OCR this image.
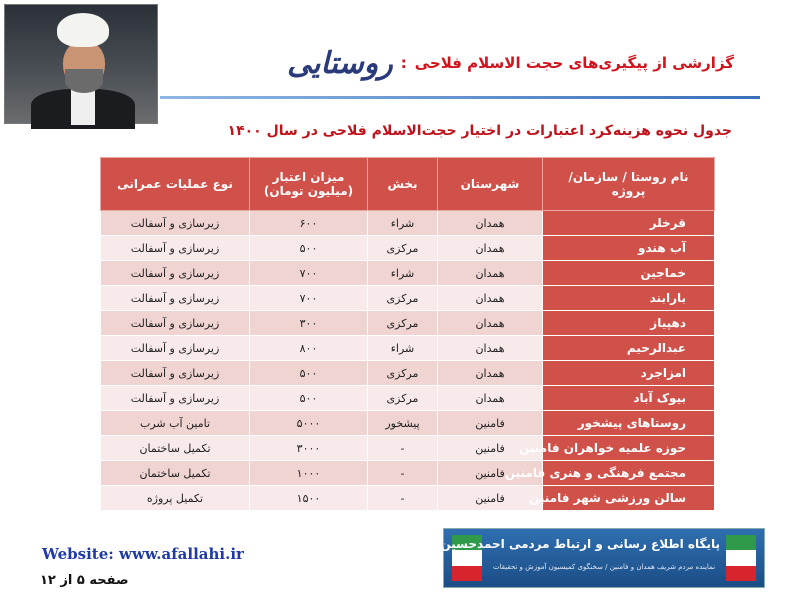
گزارشی از پیگیری‌های حجت الاسلام فلاحی:روستایی
جدول نحوه هزینه‌کرد اعتبارات در اختیار حجت‌الاسلام فلاحی در سال ۱۴۰۰
نام روستا / سازمان/ پروژه	شهرستان	بخش	میزان اعتبار
(میلیون تومان)	نوع عملیات عمرانی
قرخلر	همدان	شراء	۶۰۰	زیرسازی و آسفالت
آب هندو	همدان	مرکزی	۵۰۰	زیرسازی و آسفالت
خماجین	همدان	شراء	۷۰۰	زیرسازی و آسفالت
بارابند	همدان	مرکزی	۷۰۰	زیرسازی و آسفالت
دهپیاز	همدان	مرکزی	۳۰۰	زیرسازی و آسفالت
عبدالرحیم	همدان	شراء	۸۰۰	زیرسازی و آسفالت
امزاجرد	همدان	مرکزی	۵۰۰	زیرسازی و آسفالت
بیوک آباد	همدان	مرکزی	۵۰۰	زیرسازی و آسفالت
روستاهای پیشخور	فامنین	پیشخور	۵۰۰۰	تامین آب شرب
حوزه علمیه خواهران فامنین	فامنین	-	۳۰۰۰	تکمیل ساختمان
مجتمع فرهنگی و هنری فامنین	فامنین	-	۱۰۰۰	تکمیل ساختمان
سالن ورزشی شهر فامنین	فامنین	-	۱۵۰۰	تکمیل پروژه
Website: www.afallahi.ir
صفحه ۵ از ۱۲
پایگاه اطلاع رسانی و ارتباط مردمی احمدحسین فلاحی
نماینده مردم شریف همدان و فامنین / سخنگوی کمیسیون آموزش و تحقیقات
